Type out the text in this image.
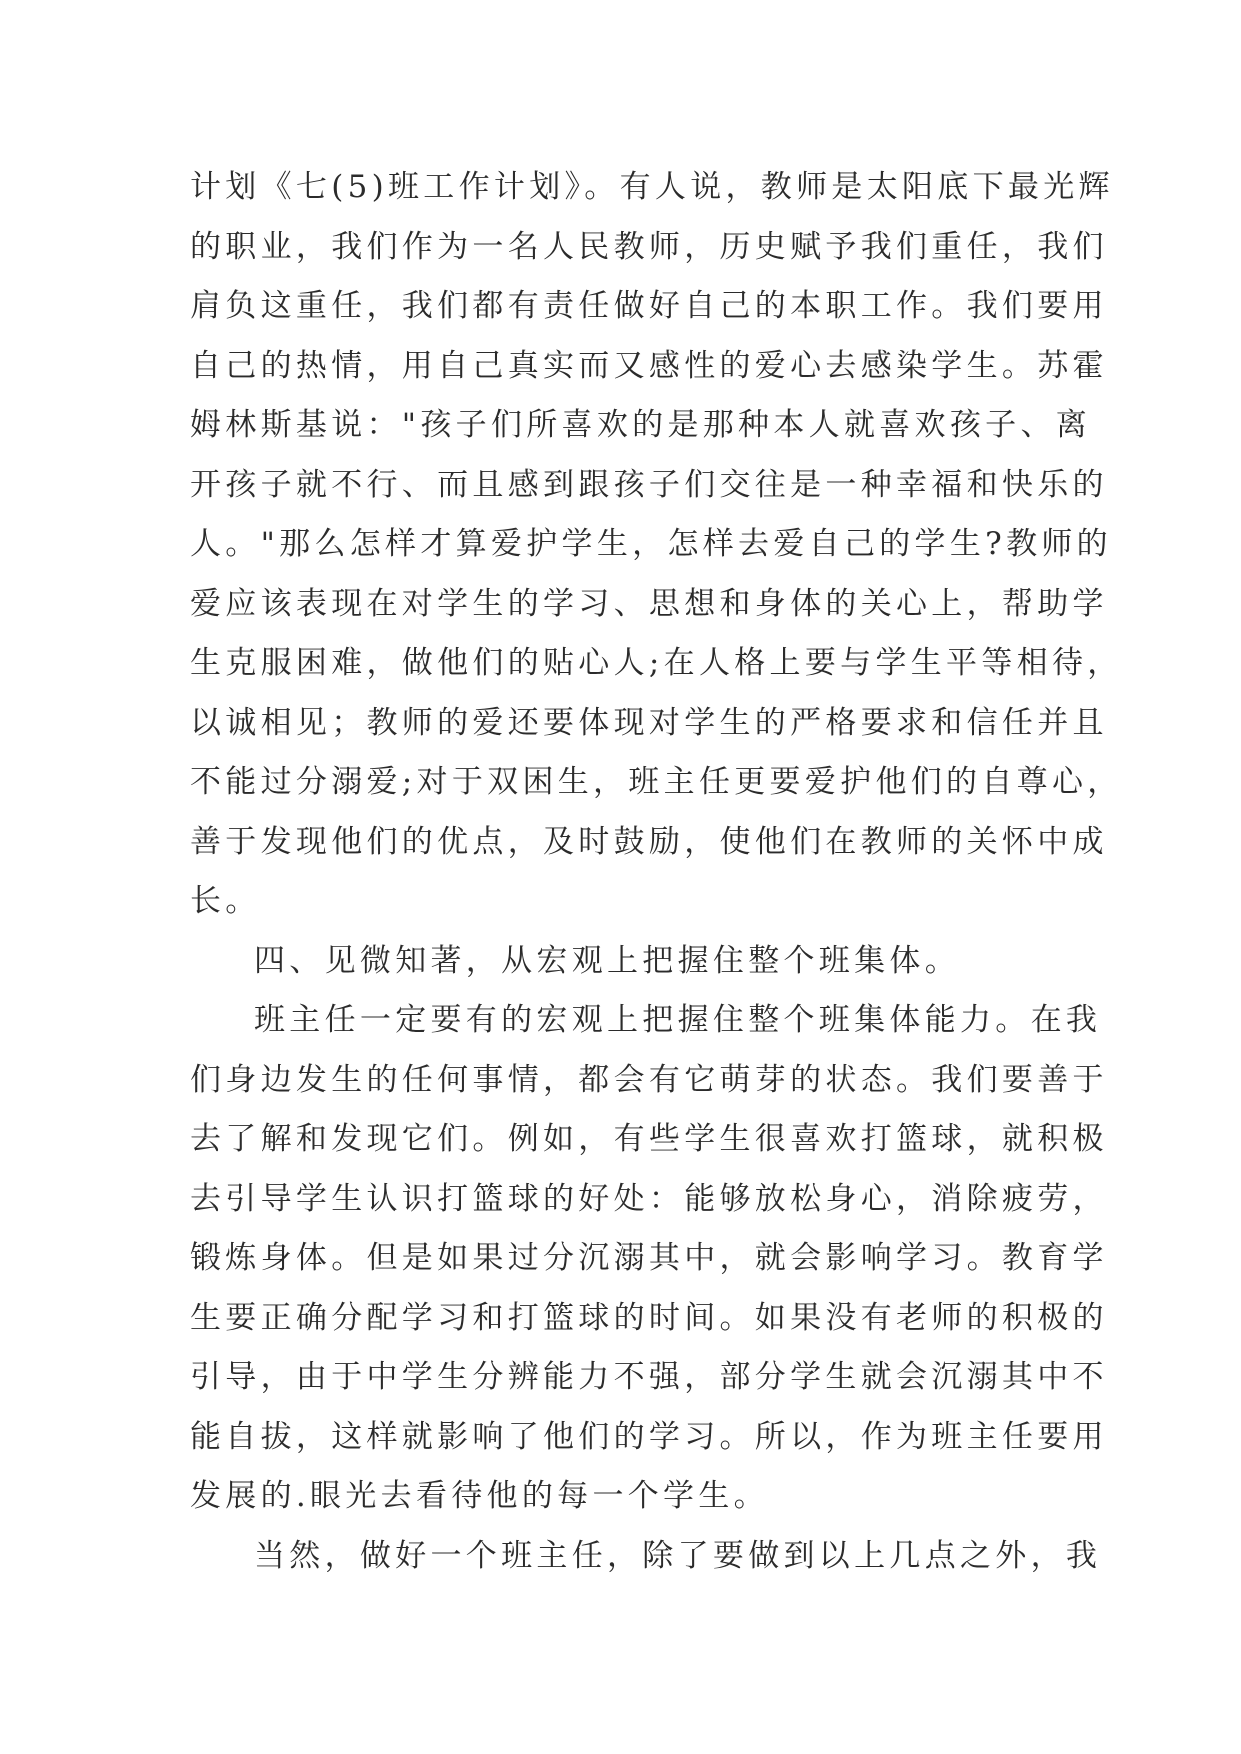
计划《七(5)班工作计划》。有人说，教师是太阳底下最光辉
的职业，我们作为一名人民教师，历史赋予我们重任，我们
肩负这重任，我们都有责任做好自己的本职工作。我们要用
自己的热情，用自己真实而又感性的爱心去感染学生。苏霍
姆林斯基说："孩子们所喜欢的是那种本人就喜欢孩子、离
开孩子就不行、而且感到跟孩子们交往是一种幸福和快乐的
人。"那么怎样才算爱护学生，怎样去爱自己的学生?教师的
爱应该表现在对学生的学习、思想和身体的关心上，帮助学
生克服困难，做他们的贴心人;在人格上要与学生平等相待，
以诚相见；教师的爱还要体现对学生的严格要求和信任并且
不能过分溺爱;对于双困生，班主任更要爱护他们的自尊心，
善于发现他们的优点，及时鼓励，使他们在教师的关怀中成
长。
四、见微知著，从宏观上把握住整个班集体。
班主任一定要有的宏观上把握住整个班集体能力。在我
们身边发生的任何事情，都会有它萌芽的状态。我们要善于
去了解和发现它们。例如，有些学生很喜欢打篮球，就积极
去引导学生认识打篮球的好处：能够放松身心，消除疲劳，
锻炼身体。但是如果过分沉溺其中，就会影响学习。教育学
生要正确分配学习和打篮球的时间。如果没有老师的积极的
引导，由于中学生分辨能力不强，部分学生就会沉溺其中不
能自拔，这样就影响了他们的学习。所以，作为班主任要用
发展的.眼光去看待他的每一个学生。
当然，做好一个班主任，除了要做到以上几点之外，我
